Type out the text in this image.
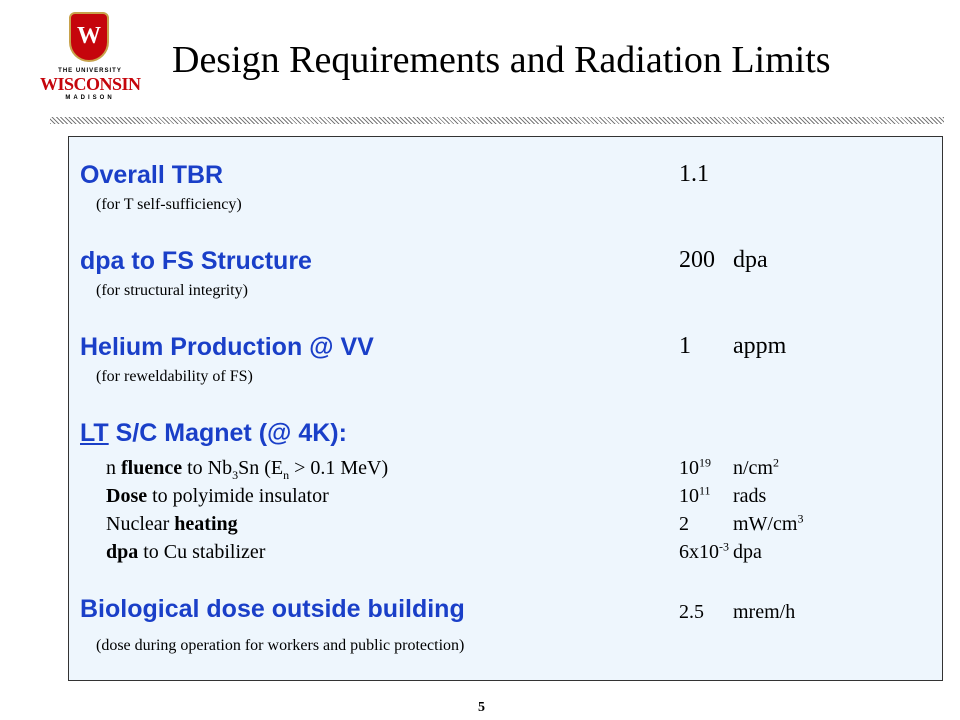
W
THE UNIVERSITY
WISCONSIN
MADISON
Design Requirements and Radiation Limits
Overall TBR	1.1
(for T self-sufficiency)
dpa to FS Structure	200 dpa
(for structural integrity)
Helium Production @ VV	1 appm
(for reweldability of FS)
LT S/C Magnet (@ 4K):
n fluence to $Nb_3Sn$ ($E_n > 0.1$ MeV)	$10^{19}$ $n/cm^2$
Dose to polyimide insulator	$10^{11}$ rads
Nuclear heating	2 $mW/cm^3$
dpa to Cu stabilizer	$6x10^{-3}$ dpa
Biological dose outside building	2.5 mrem/h
(dose during operation for workers and public protection)
5
